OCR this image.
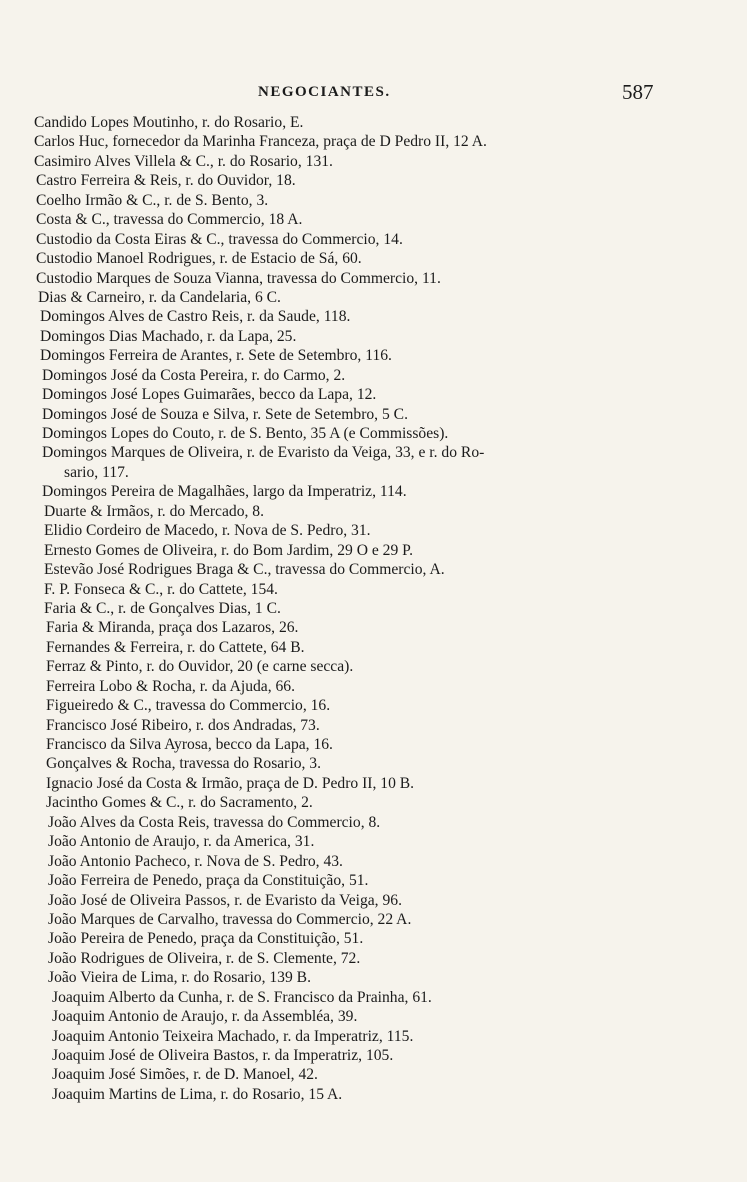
NEGOCIANTES.	587
Candido Lopes Moutinho, r. do Rosario, E.
Carlos Huc, fornecedor da Marinha Franceza, praça de D Pedro II, 12 A.
Casimiro Alves Villela & C., r. do Rosario, 131.
Castro Ferreira & Reis, r. do Ouvidor, 18.
Coelho Irmão & C., r. de S. Bento, 3.
Costa & C., travessa do Commercio, 18 A.
Custodio da Costa Eiras & C., travessa do Commercio, 14.
Custodio Manoel Rodrigues, r. de Estacio de Sá, 60.
Custodio Marques de Souza Vianna, travessa do Commercio, 11.
Dias & Carneiro, r. da Candelaria, 6 C.
Domingos Alves de Castro Reis, r. da Saude, 118.
Domingos Dias Machado, r. da Lapa, 25.
Domingos Ferreira de Arantes, r. Sete de Setembro, 116.
Domingos José da Costa Pereira, r. do Carmo, 2.
Domingos José Lopes Guimarães, becco da Lapa, 12.
Domingos José de Souza e Silva, r. Sete de Setembro, 5 C.
Domingos Lopes do Couto, r. de S. Bento, 35 A (e Commissões).
Domingos Marques de Oliveira, r. de Evaristo da Veiga, 33, e r. do Ro-
sario, 117.
Domingos Pereira de Magalhães, largo da Imperatriz, 114.
Duarte & Irmãos, r. do Mercado, 8.
Elidio Cordeiro de Macedo, r. Nova de S. Pedro, 31.
Ernesto Gomes de Oliveira, r. do Bom Jardim, 29 O e 29 P.
Estevão José Rodrigues Braga & C., travessa do Commercio, A.
F. P. Fonseca & C., r. do Cattete, 154.
Faria & C., r. de Gonçalves Dias, 1 C.
Faria & Miranda, praça dos Lazaros, 26.
Fernandes & Ferreira, r. do Cattete, 64 B.
Ferraz & Pinto, r. do Ouvidor, 20 (e carne secca).
Ferreira Lobo & Rocha, r. da Ajuda, 66.
Figueiredo & C., travessa do Commercio, 16.
Francisco José Ribeiro, r. dos Andradas, 73.
Francisco da Silva Ayrosa, becco da Lapa, 16.
Gonçalves & Rocha, travessa do Rosario, 3.
Ignacio José da Costa & Irmão, praça de D. Pedro II, 10 B.
Jacintho Gomes & C., r. do Sacramento, 2.
João Alves da Costa Reis, travessa do Commercio, 8.
João Antonio de Araujo, r. da America, 31.
João Antonio Pacheco, r. Nova de S. Pedro, 43.
João Ferreira de Penedo, praça da Constituição, 51.
João José de Oliveira Passos, r. de Evaristo da Veiga, 96.
João Marques de Carvalho, travessa do Commercio, 22 A.
João Pereira de Penedo, praça da Constituição, 51.
João Rodrigues de Oliveira, r. de S. Clemente, 72.
João Vieira de Lima, r. do Rosario, 139 B.
Joaquim Alberto da Cunha, r. de S. Francisco da Prainha, 61.
Joaquim Antonio de Araujo, r. da Assembléa, 39.
Joaquim Antonio Teixeira Machado, r. da Imperatriz, 115.
Joaquim José de Oliveira Bastos, r. da Imperatriz, 105.
Joaquim José Simões, r. de D. Manoel, 42.
Joaquim Martins de Lima, r. do Rosario, 15 A.
